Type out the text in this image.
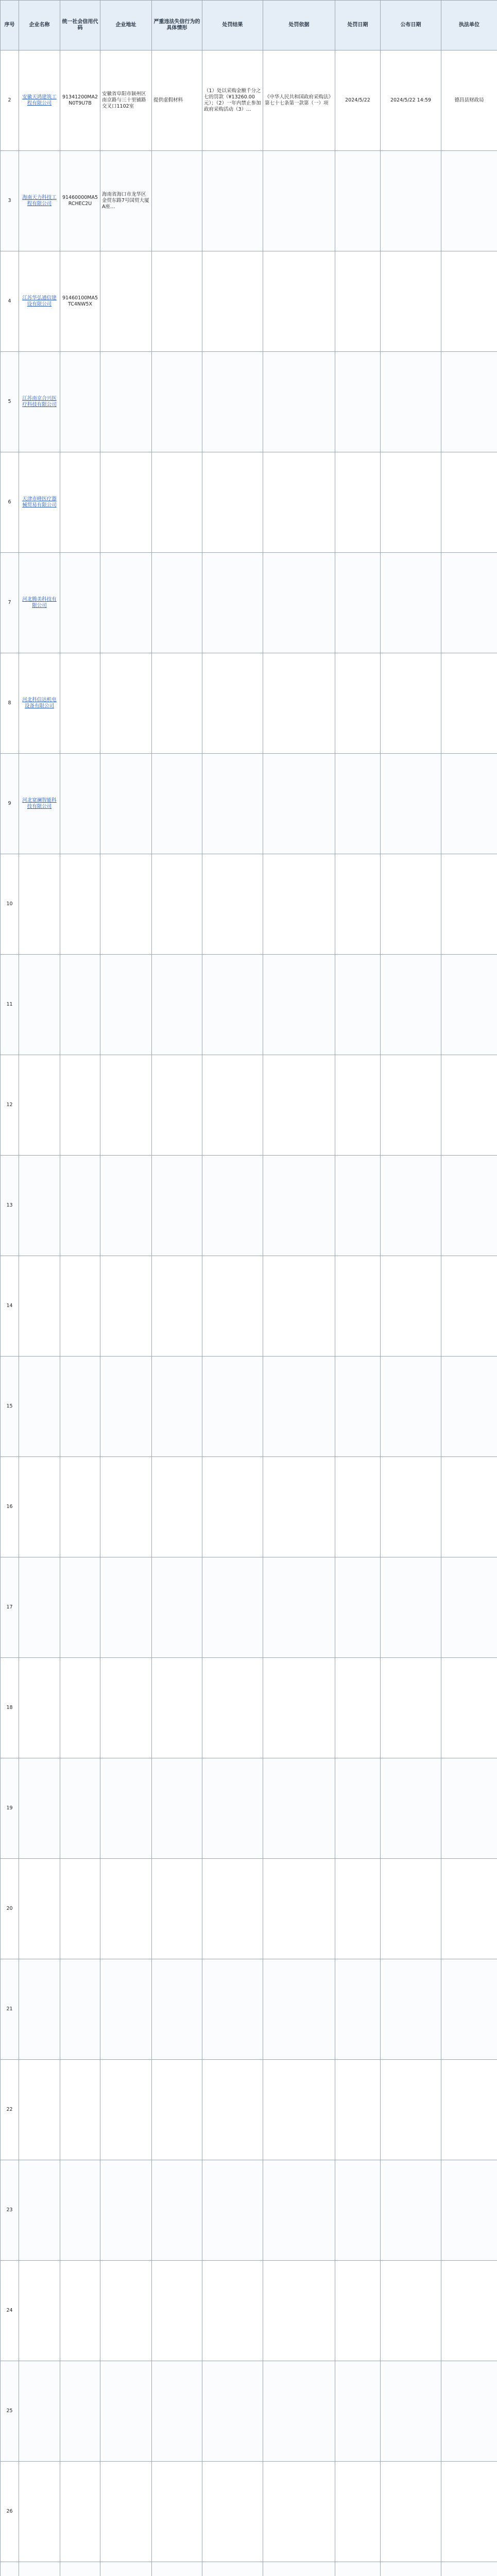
序号	企业名称	统一社会信用代码	企业地址	严重违法失信行为的具体情形	处罚结果	处罚依据	处罚日期	公布日期	执法单位
2	安徽天鸿建筑工程有限公司	91341200MA2N0T9U7B	安徽省阜阳市颍州区南京路与三十里铺路交叉口1102室	提供虚假材料	（1）处以采购金额千分之七的罚款（¥13260.00元）；（2）一年内禁止参加政府采购活动（3）…	《中华人民共和国政府采购法》第七十七条第一款第（一）项	2024/5/22	2024/5/22 14:59	德昌县财政局
3	海南天力科技工程有限公司	91460000MA5RCHEC2U	海南省海口市龙华区金贸东路7号国贸大厦A座…						
4	江苏华弘通信建设有限公司	91460100MA5TC4NW5X							
5	江苏南京合兴医疗科技有限公司								
6	天津市峰医疗器械贸易有限公司								
7	河北腾美科技有限公司								
8	河北科信达机电设备有限公司								
9	河北宽澜智能科技有限公司								
10									
11									
12									
13									
14									
15									
16									
17									
18									
19									
20									
21									
22									
23									
24									
25									
26									
